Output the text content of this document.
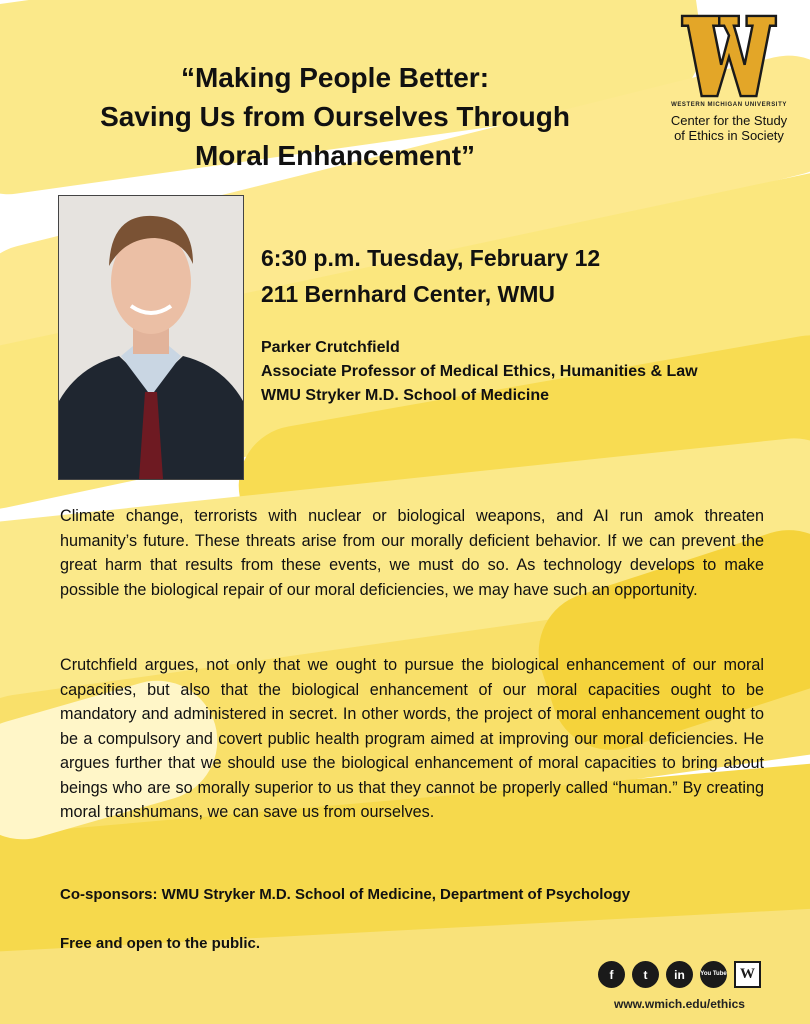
“Making People Better:
Saving Us from Ourselves Through
Moral Enhancement”
WESTERN MICHIGAN UNIVERSITY
Center for the Study
of Ethics in Society
6:30 p.m. Tuesday, February 12
211 Bernhard Center, WMU
Parker Crutchfield
Associate Professor of Medical Ethics, Humanities & Law
WMU Stryker M.D. School of Medicine
Climate change, terrorists with nuclear or biological weapons, and AI run amok threaten humanity’s future. These threats arise from our morally deficient behavior. If we can prevent the great harm that results from these events, we must do so. As technology develops to make possible the biological repair of our moral deficiencies, we may have such an opportunity.
Crutchfield argues, not only that we ought to pursue the biological enhancement of our moral capacities, but also that the biological enhancement of our moral capacities ought to be mandatory and administered in secret. In other words, the project of moral enhancement ought to be a compulsory and covert public health program aimed at improving our moral deficiencies. He argues further that we should use the biological enhancement of moral capacities to bring about beings who are so morally superior to us that they cannot be properly called “human.” By creating moral transhumans, we can save us from ourselves.
Co-sponsors: WMU Stryker M.D. School of Medicine, Department of Psychology
Free and open to the public.
f	t	in	You Tube W
www.wmich.edu/ethics
